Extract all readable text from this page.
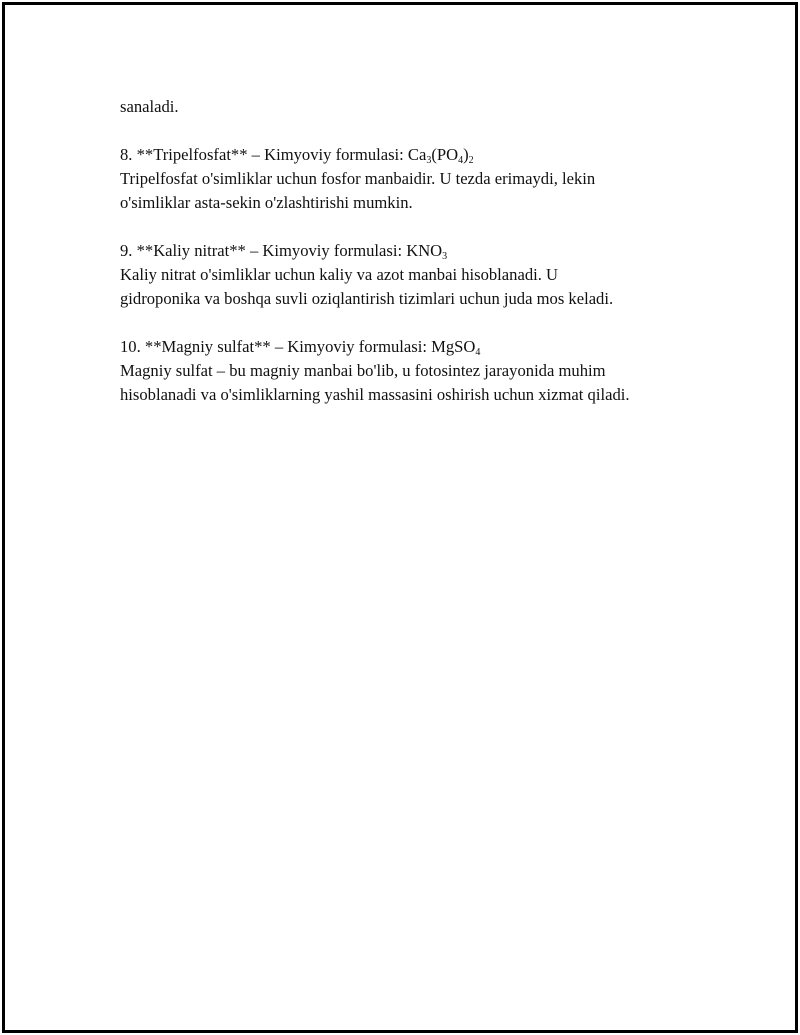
sanaladi.

8. **Tripelfosfat** – Kimyoviy formulasi: $Ca_3(PO_4)_2$

Tripelfosfat o'simliklar uchun fosfor manbaidir. U tezda erimaydi, lekin

o'simliklar asta-sekin o'zlashtirishi mumkin.

9. **Kaliy nitrat** – Kimyoviy formulasi: $KNO_3$

Kaliy nitrat o'simliklar uchun kaliy va azot manbai hisoblanadi. U

gidroponika va boshqa suvli oziqlantirish tizimlari uchun juda mos keladi.

10. **Magniy sulfat** – Kimyoviy formulasi: MgSO$_4$

Magniy sulfat – bu magniy manbai bo'lib, u fotosintez jarayonida muhim

hisoblanadi va o'simliklarning yashil massasini oshirish uchun xizmat qiladi.
